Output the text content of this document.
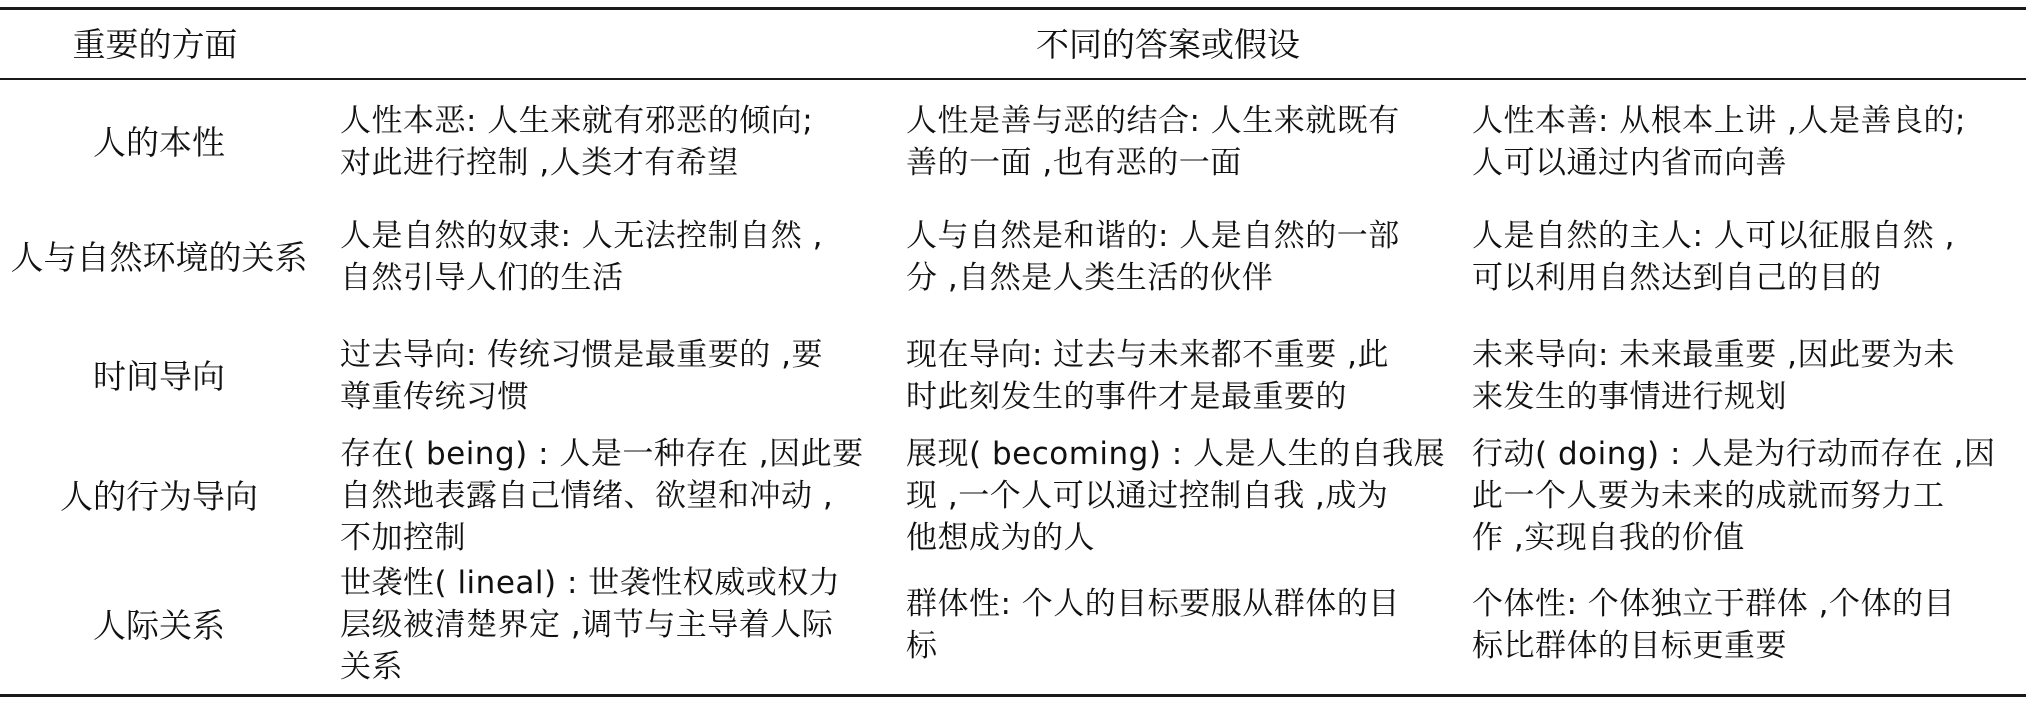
重要的方面	不同的答案或假设
人的本性
人性本恶: 人生来就有邪恶的倾向;
对此进行控制 ,人类才有希望
人性是善与恶的结合: 人生来就既有
善的一面 ,也有恶的一面
人性本善: 从根本上讲 ,人是善良的;
人可以通过内省而向善
人与自然环境的关系
人是自然的奴隶: 人无法控制自然 ,
自然引导人们的生活
人与自然是和谐的: 人是自然的一部
分 ,自然是人类生活的伙伴
人是自然的主人: 人可以征服自然 ,
可以利用自然达到自己的目的
时间导向
过去导向: 传统习惯是最重要的 ,要
尊重传统习惯
现在导向: 过去与未来都不重要 ,此
时此刻发生的事件才是最重要的
未来导向: 未来最重要 ,因此要为未
来发生的事情进行规划
人的行为导向
存在( being) : 人是一种存在 ,因此要
自然地表露自己情绪、欲望和冲动 ,
不加控制
展现( becoming) : 人是人生的自我展
现 ,一个人可以通过控制自我 ,成为
他想成为的人
行动( doing) : 人是为行动而存在 ,因
此一个人要为未来的成就而努力工
作 ,实现自我的价值
人际关系
世袭性( lineal) : 世袭性权威或权力
层级被清楚界定 ,调节与主导着人际
关系
群体性: 个人的目标要服从群体的目
标
个体性: 个体独立于群体 ,个体的目
标比群体的目标更重要
